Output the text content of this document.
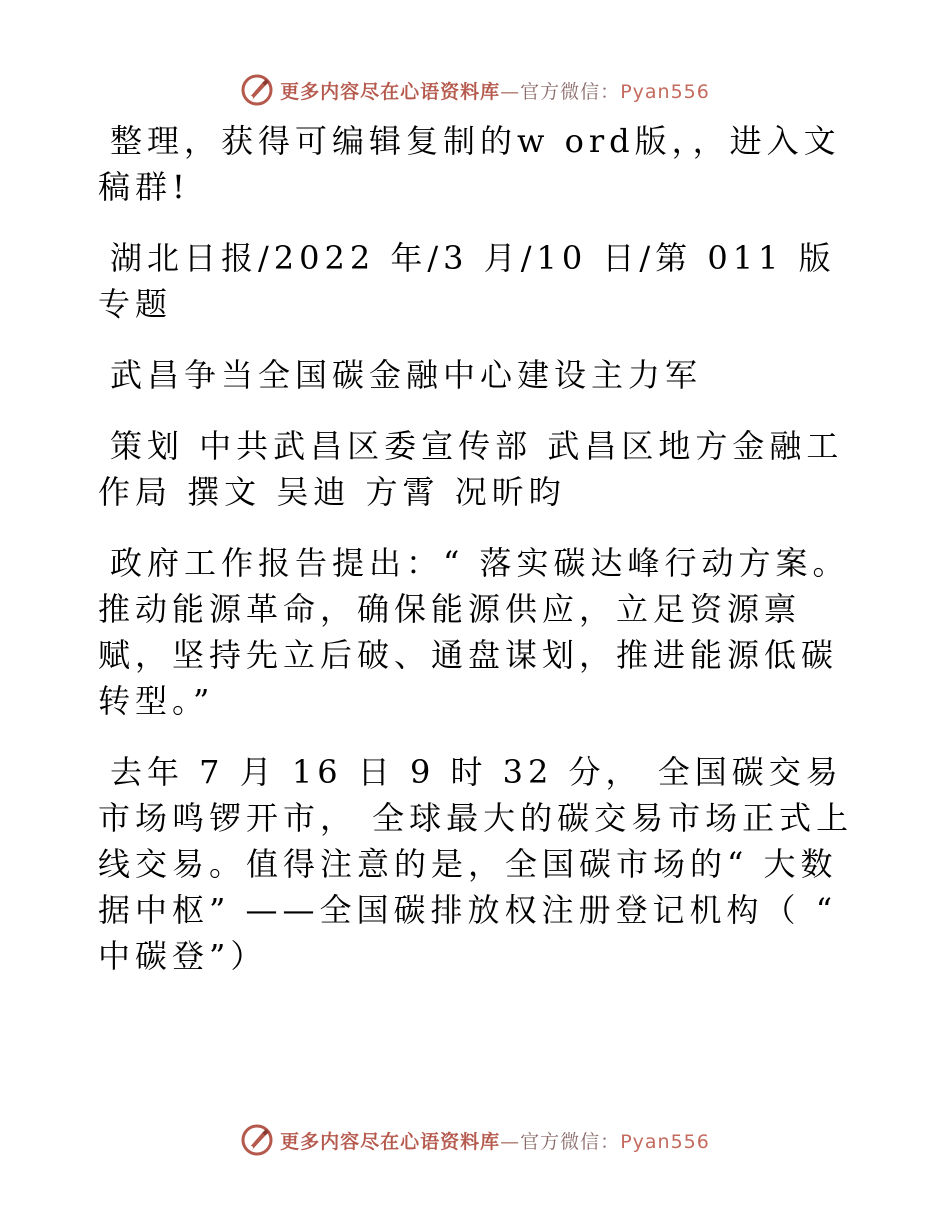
更多内容尽在心语资料库—官方微信：Pyan556

整理，获得可编辑复制的w ord版，，进入文稿群!

湖北日报/2022 年/3 月/10 日/第 011 版专题

武昌争当全国碳金融中心建设主力军

策划 中共武昌区委宣传部 武昌区地方金融工作局 撰文 吴迪 方霄 况昕昀

政府工作报告提出：“ 落实碳达峰行动方案。推动能源革命，确保能源供应，立足资源禀赋，坚持先立后破、通盘谋划，推进能源低碳转型。”

去年 7 月 16 日 9 时 32 分， 全国碳交易市场鸣锣开市， 全球最大的碳交易市场正式上线交易。值得注意的是，全国碳市场的“ 大数据中枢” ——全国碳排放权注册登记机构（ “ 中碳登”）

更多内容尽在心语资料库—官方微信：Pyan556
